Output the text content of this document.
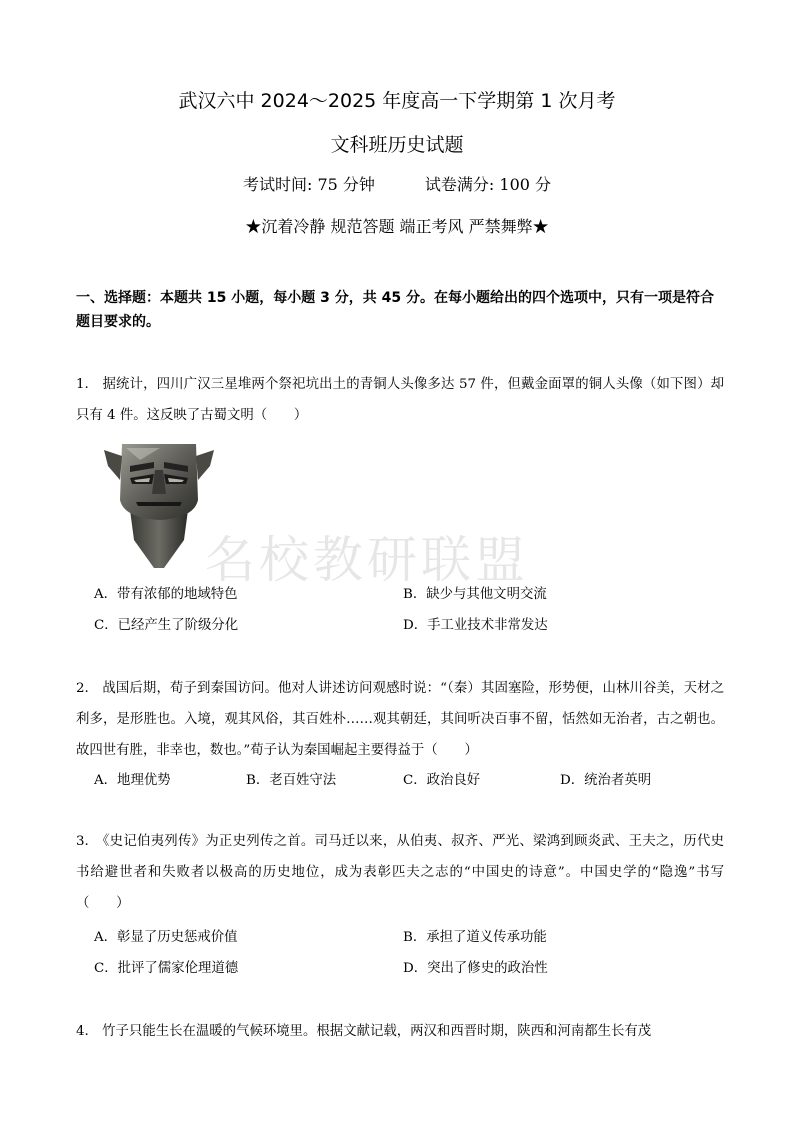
武汉六中 2024～2025 年度高一下学期第 1 次月考
文科班历史试题
考试时间: 75 分钟	试卷满分: 100 分
★沉着冷静 规范答题 端正考风 严禁舞弊★
一、选择题：本题共 15 小题，每小题 3 分，共 45 分。在每小题给出的四个选项中，只有一项是符合题目要求的。
1.　据统计，四川广汉三星堆两个祭祀坑出土的青铜人头像多达 57 件，但戴金面罩的铜人头像（如下图）却只有 4 件。这反映了古蜀文明（　　）
名校教研联盟
A．带有浓郁的地域特色	B．缺少与其他文明交流
C．已经产生了阶级分化	D．手工业技术非常发达
2.　战国后期，荀子到秦国访问。他对人讲述访问观感时说：“（秦）其固塞险，形势便，山林川谷美，天材之利多，是形胜也。入境，观其风俗，其百姓朴……观其朝廷，其间听决百事不留，恬然如无治者，古之朝也。故四世有胜，非幸也，数也。”荀子认为秦国崛起主要得益于（　　）
A．地理优势	B．老百姓守法	C．政治良好	D．统治者英明
3.　《史记伯夷列传》为正史列传之首。司马迁以来，从伯夷、叔齐、严光、梁鸿到顾炎武、王夫之，历代史书给避世者和失败者以极高的历史地位，成为表彰匹夫之志的“中国史的诗意”。中国史学的“隐逸”书写（　　）
A．彰显了历史惩戒价值	B．承担了道义传承功能
C．批评了儒家伦理道德	D．突出了修史的政治性
4.　竹子只能生长在温暖的气候环境里。根据文献记载，两汉和西晋时期，陕西和河南都生长有茂
